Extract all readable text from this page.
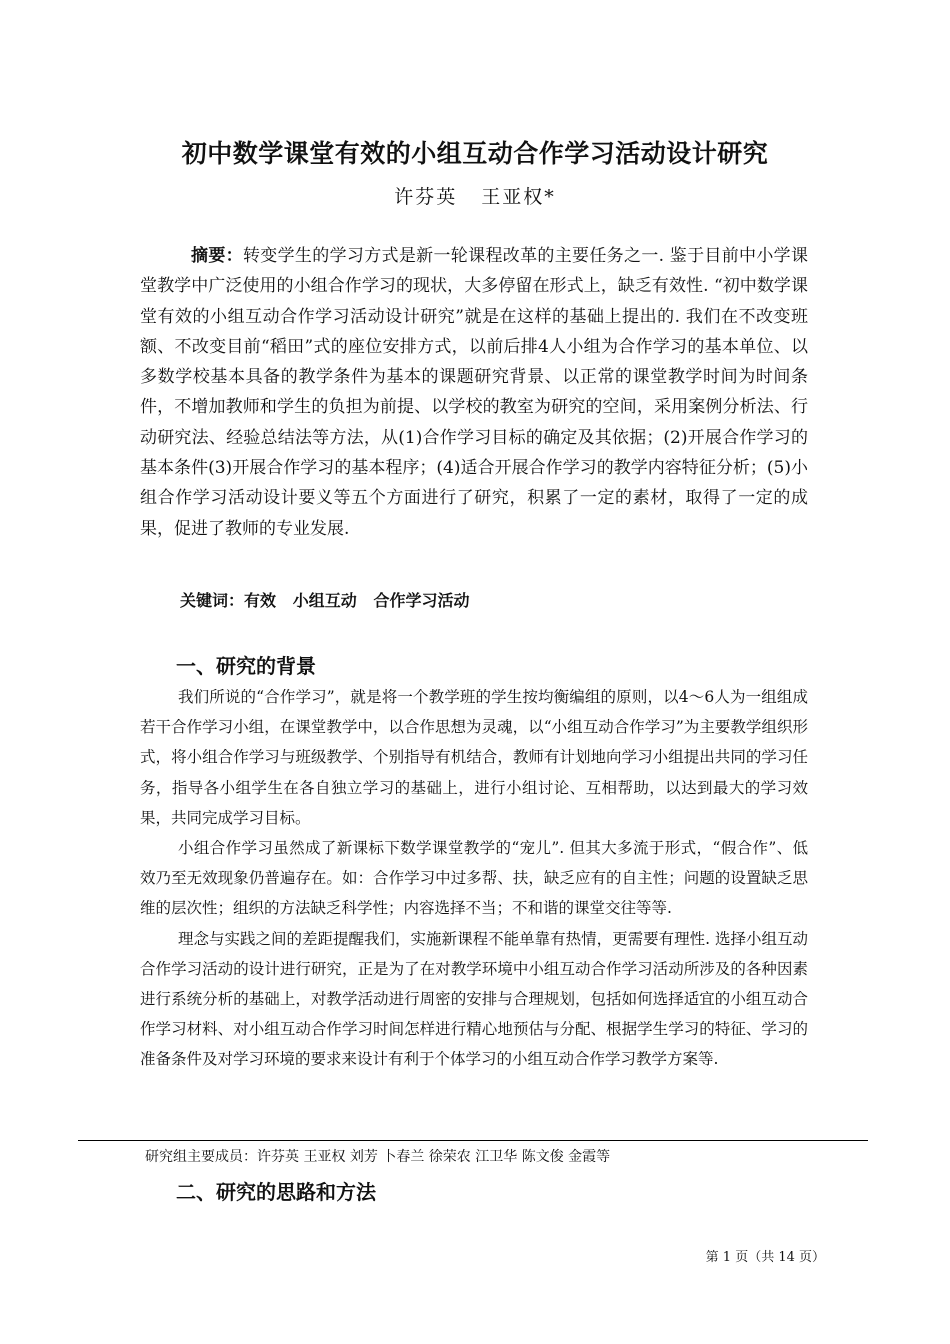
初中数学课堂有效的小组互动合作学习活动设计研究
许芬英   王亚权*

摘要：转变学生的学习方式是新一轮课程改革的主要任务之一. 鉴于目前中小学课堂教学中广泛使用的小组合作学习的现状，大多停留在形式上，缺乏有效性. “初中数学课堂有效的小组互动合作学习活动设计研究”就是在这样的基础上提出的. 我们在不改变班额、不改变目前“稻田”式的座位安排方式，以前后排4人小组为合作学习的基本单位、以多数学校基本具备的教学条件为基本的课题研究背景、以正常的课堂教学时间为时间条件，不增加教师和学生的负担为前提、以学校的教室为研究的空间，采用案例分析法、行动研究法、经验总结法等方法，从(1)合作学习目标的确定及其依据；(2)开展合作学习的基本条件(3)开展合作学习的基本程序；(4)适合开展合作学习的教学内容特征分析；(5)小组合作学习活动设计要义等五个方面进行了研究，积累了一定的素材，取得了一定的成果，促进了教师的专业发展.

关键词：有效   小组互动   合作学习活动
一、研究的背景

我们所说的“合作学习”，就是将一个教学班的学生按均衡编组的原则，以4～6人为一组组成若干合作学习小组，在课堂教学中，以合作思想为灵魂，以“小组互动合作学习”为主要教学组织形式，将小组合作学习与班级教学、个别指导有机结合，教师有计划地向学习小组提出共同的学习任务，指导各小组学生在各自独立学习的基础上，进行小组讨论、互相帮助，以达到最大的学习效果，共同完成学习目标。

小组合作学习虽然成了新课标下数学课堂教学的“宠儿”. 但其大多流于形式，“假合作”、低效乃至无效现象仍普遍存在。如：合作学习中过多帮、扶，缺乏应有的自主性；问题的设置缺乏思维的层次性；组织的方法缺乏科学性；内容选择不当；不和谐的课堂交往等等.

理念与实践之间的差距提醒我们，实施新课程不能单靠有热情，更需要有理性. 选择小组互动合作学习活动的设计进行研究，正是为了在对教学环境中小组互动合作学习活动所涉及的各种因素进行系统分析的基础上，对教学活动进行周密的安排与合理规划，包括如何选择适宜的小组互动合作学习材料、对小组互动合作学习时间怎样进行精心地预估与分配、根据学生学习的特征、学习的准备条件及对学习环境的要求来设计有利于个体学习的小组互动合作学习教学方案等.

研究组主要成员：许芬英 王亚权 刘芳 卜春兰 徐荣农 江卫华 陈文俊 金霞等
二、研究的思路和方法
第 1 页（共 14 页）
